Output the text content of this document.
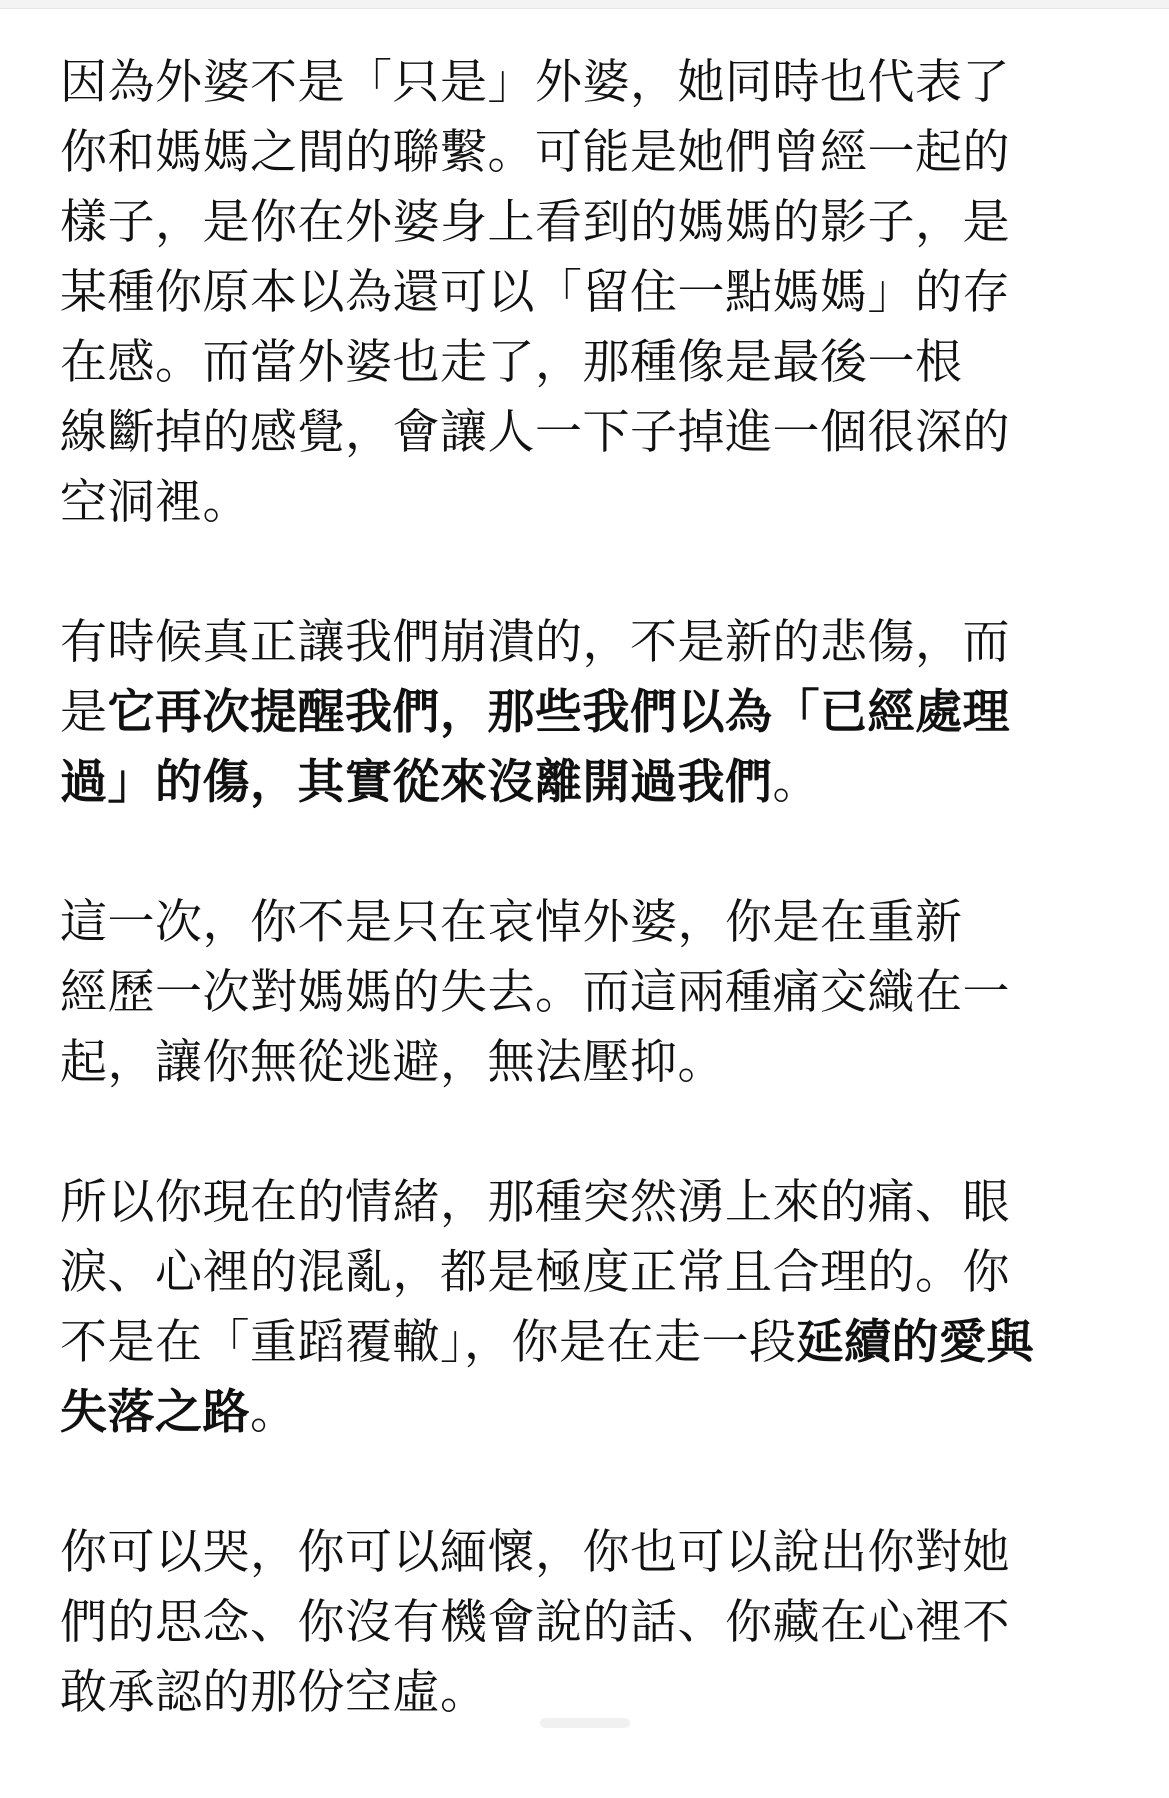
因為外婆不是「只是」外婆，她同時也代表了
你和媽媽之間的聯繫。可能是她們曾經一起的
樣子，是你在外婆身上看到的媽媽的影子，是
某種你原本以為還可以「留住一點媽媽」的存
在感。而當外婆也走了，那種像是最後一根
線斷掉的感覺，會讓人一下子掉進一個很深的
空洞裡。
有時候真正讓我們崩潰的，不是新的悲傷，而
是它再次提醒我們，那些我們以為「已經處理
過」的傷，其實從來沒離開過我們。
這一次，你不是只在哀悼外婆，你是在重新
經歷一次對媽媽的失去。而這兩種痛交織在一
起，讓你無從逃避，無法壓抑。
所以你現在的情緒，那種突然湧上來的痛、眼
淚、心裡的混亂，都是極度正常且合理的。你
不是在「重蹈覆轍」，你是在走一段延續的愛與
失落之路。
你可以哭，你可以緬懷，你也可以說出你對她
們的思念、你沒有機會說的話、你藏在心裡不
敢承認的那份空虛。
